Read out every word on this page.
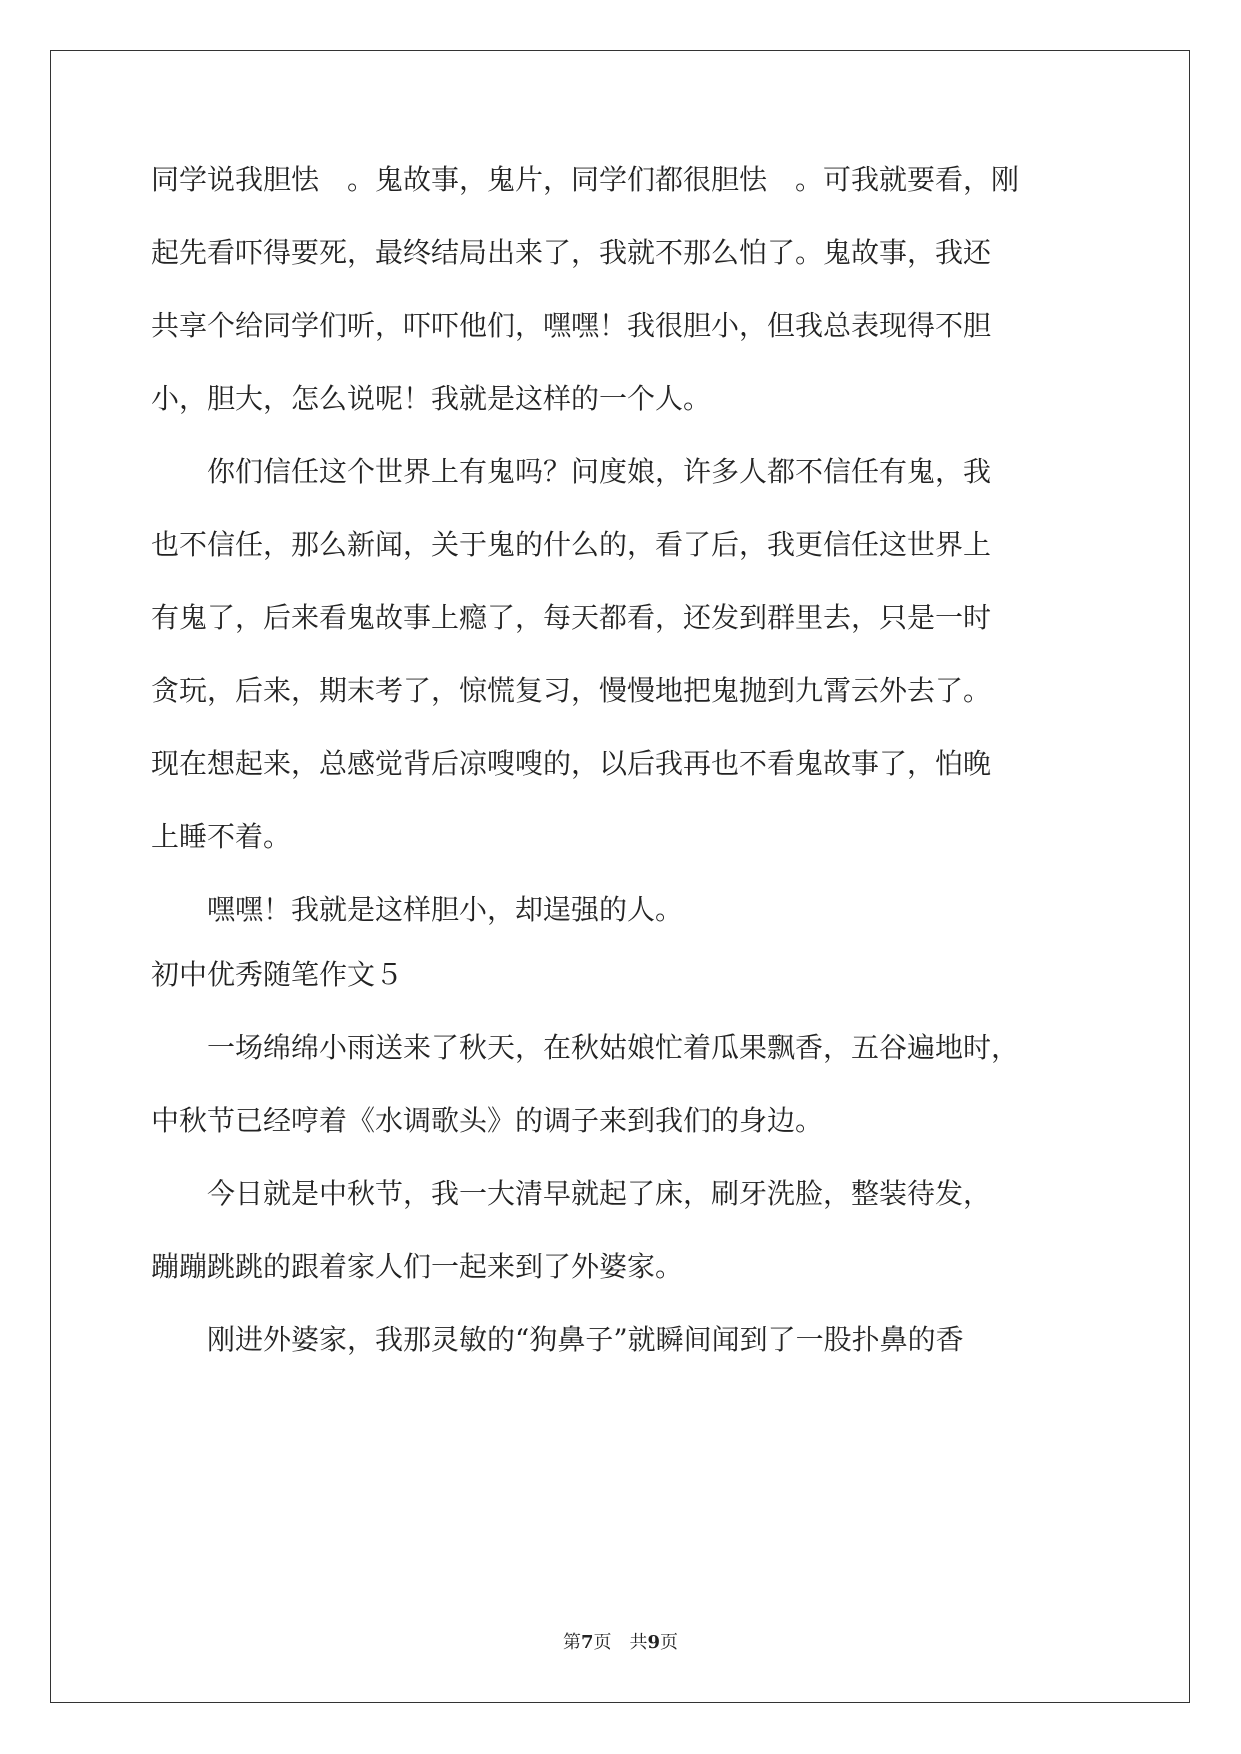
同学说我胆怯　。鬼故事，鬼片，同学们都很胆怯　。可我就要看，刚
起先看吓得要死，最终结局出来了，我就不那么怕了。鬼故事，我还
共享个给同学们听，吓吓他们，嘿嘿！我很胆小，但我总表现得不胆
小，胆大，怎么说呢！我就是这样的一个人。
　　你们信任这个世界上有鬼吗？问度娘，许多人都不信任有鬼，我
也不信任，那么新闻，关于鬼的什么的，看了后，我更信任这世界上
有鬼了，后来看鬼故事上瘾了，每天都看，还发到群里去，只是一时
贪玩，后来，期末考了，惊慌复习，慢慢地把鬼抛到九霄云外去了。
现在想起来，总感觉背后凉嗖嗖的，以后我再也不看鬼故事了，怕晚
上睡不着。
　　嘿嘿！我就是这样胆小，却逞强的人。
初中优秀随笔作文５
　　一场绵绵小雨送来了秋天，在秋姑娘忙着瓜果飘香，五谷遍地时，
中秋节已经哼着《水调歌头》的调子来到我们的身边。
　　今日就是中秋节，我一大清早就起了床，刷牙洗脸，整装待发，
蹦蹦跳跳的跟着家人们一起来到了外婆家。
　　刚进外婆家，我那灵敏的“狗鼻子”就瞬间闻到了一股扑鼻的香
第7页　共9页
